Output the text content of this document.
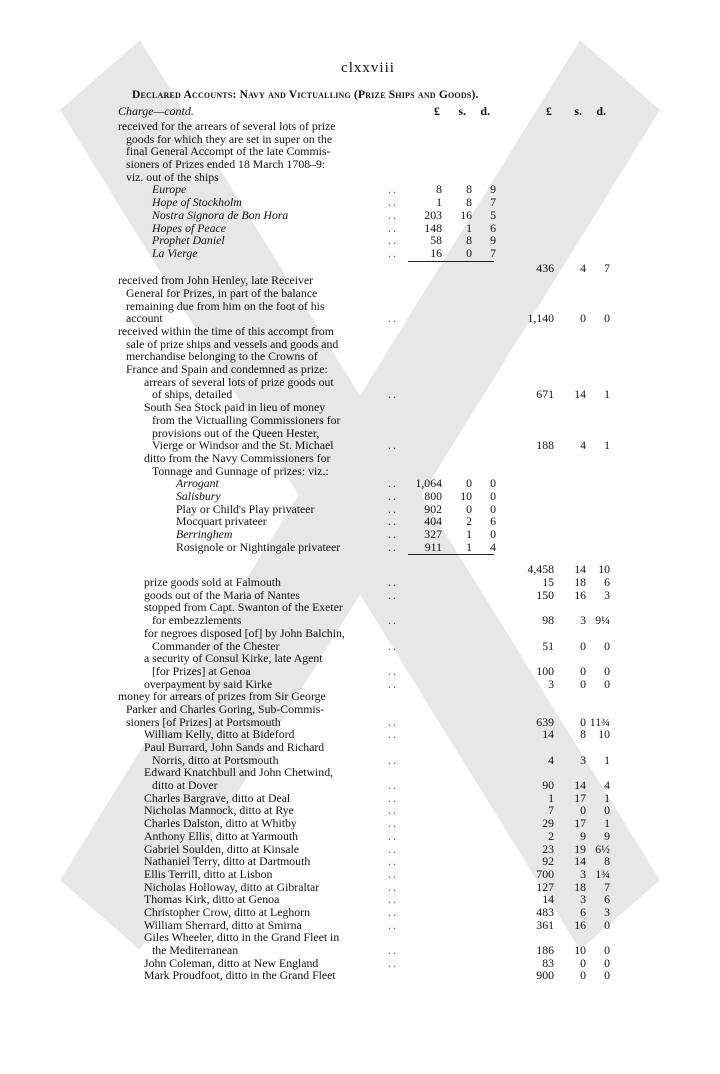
clxxviii
Declared Accounts: Navy and Victualling (Prize Ships and Goods).
Charge—contd.	£	s.	d.	£	s.	d.
received for the arrears of several lots of prize
goods for which they are set in super on the
final General Accompt of the late Commis-
sioners of Prizes ended 18 March 1708–9:
viz. out of the ships
Europe	..	8	8	9
Hope of Stockholm	..	1	8	7
Nostra Signora de Bon Hora	..	203	16	5
Hopes of Peace	..	148	1	6
Prophet Daniel	..	58	8	9
La Vierge	..	16	0	7
436	4	7
received from John Henley, late Receiver
General for Prizes, in part of the balance
remaining due from him on the foot of his
account	..	1,140	0	0
received within the time of this accompt from
sale of prize ships and vessels and goods and
merchandise belonging to the Crowns of
France and Spain and condemned as prize:
arrears of several lots of prize goods out
of ships, detailed	..	671	14	1
South Sea Stock paid in lieu of money
from the Victualling Commissioners for
provisions out of the Queen Hester,
Vierge or Windsor and the St. Michael	..	188	4	1
ditto from the Navy Commissioners for
Tonnage and Gunnage of prizes: viz.:
Arrogant	..	1,064	0	0
Salisbury	..	800	10	0
Play or Child's Play privateer	..	902	0	0
Mocquart privateer	..	404	2	6
Berringhem	..	327	1	0
Rosignole or Nightingale privateer	..	911	1	4
4,458	14	10
prize goods sold at Falmouth	..	15	18	6
goods out of the Maria of Nantes	..	150	16	3
stopped from Capt. Swanton of the Exeter
for embezzlements	..	98	3 9¼
for negroes disposed [of] by John Balchin,
Commander of the Chester	..	51	0	0
a security of Consul Kirke, late Agent
[for Prizes] at Genoa	..	100	0	0
overpayment by said Kirke	..	3	0	0
money for arrears of prizes from Sir George
Parker and Charles Goring, Sub-Commis-
sioners [of Prizes] at Portsmouth	..	639	0 11¾
William Kelly, ditto at Bideford	..	14	8	10
Paul Burrard, John Sands and Richard
Norris, ditto at Portsmouth	..	4	3	1
Edward Knatchbull and John Chetwind,
ditto at Dover	..	90	14	4
Charles Bargrave, ditto at Deal	..	1	17	1
Nicholas Mannock, ditto at Rye	..	7	0	0
Charles Dalston, ditto at Whitby	..	29	17	1
Anthony Ellis, ditto at Yarmouth	..	2	9	9
Gabriel Soulden, ditto at Kinsale	..	23	19 6½
Nathaniel Terry, ditto at Dartmouth	..	92	14	8
Ellis Terrill, ditto at Lisbon	..	700	3 1¾
Nicholas Holloway, ditto at Gibraltar	..	127	18	7
Thomas Kirk, ditto at Genoa	..	14	3	6
Christopher Crow, ditto at Leghorn	..	483	6	3
William Sherrard, ditto at Smirna	..	361	16	0
Giles Wheeler, ditto in the Grand Fleet in
the Mediterranean	..	186	10	0
John Coleman, ditto at New England	..	83	0	0
Mark Proudfoot, ditto in the Grand Fleet	900	0	0
